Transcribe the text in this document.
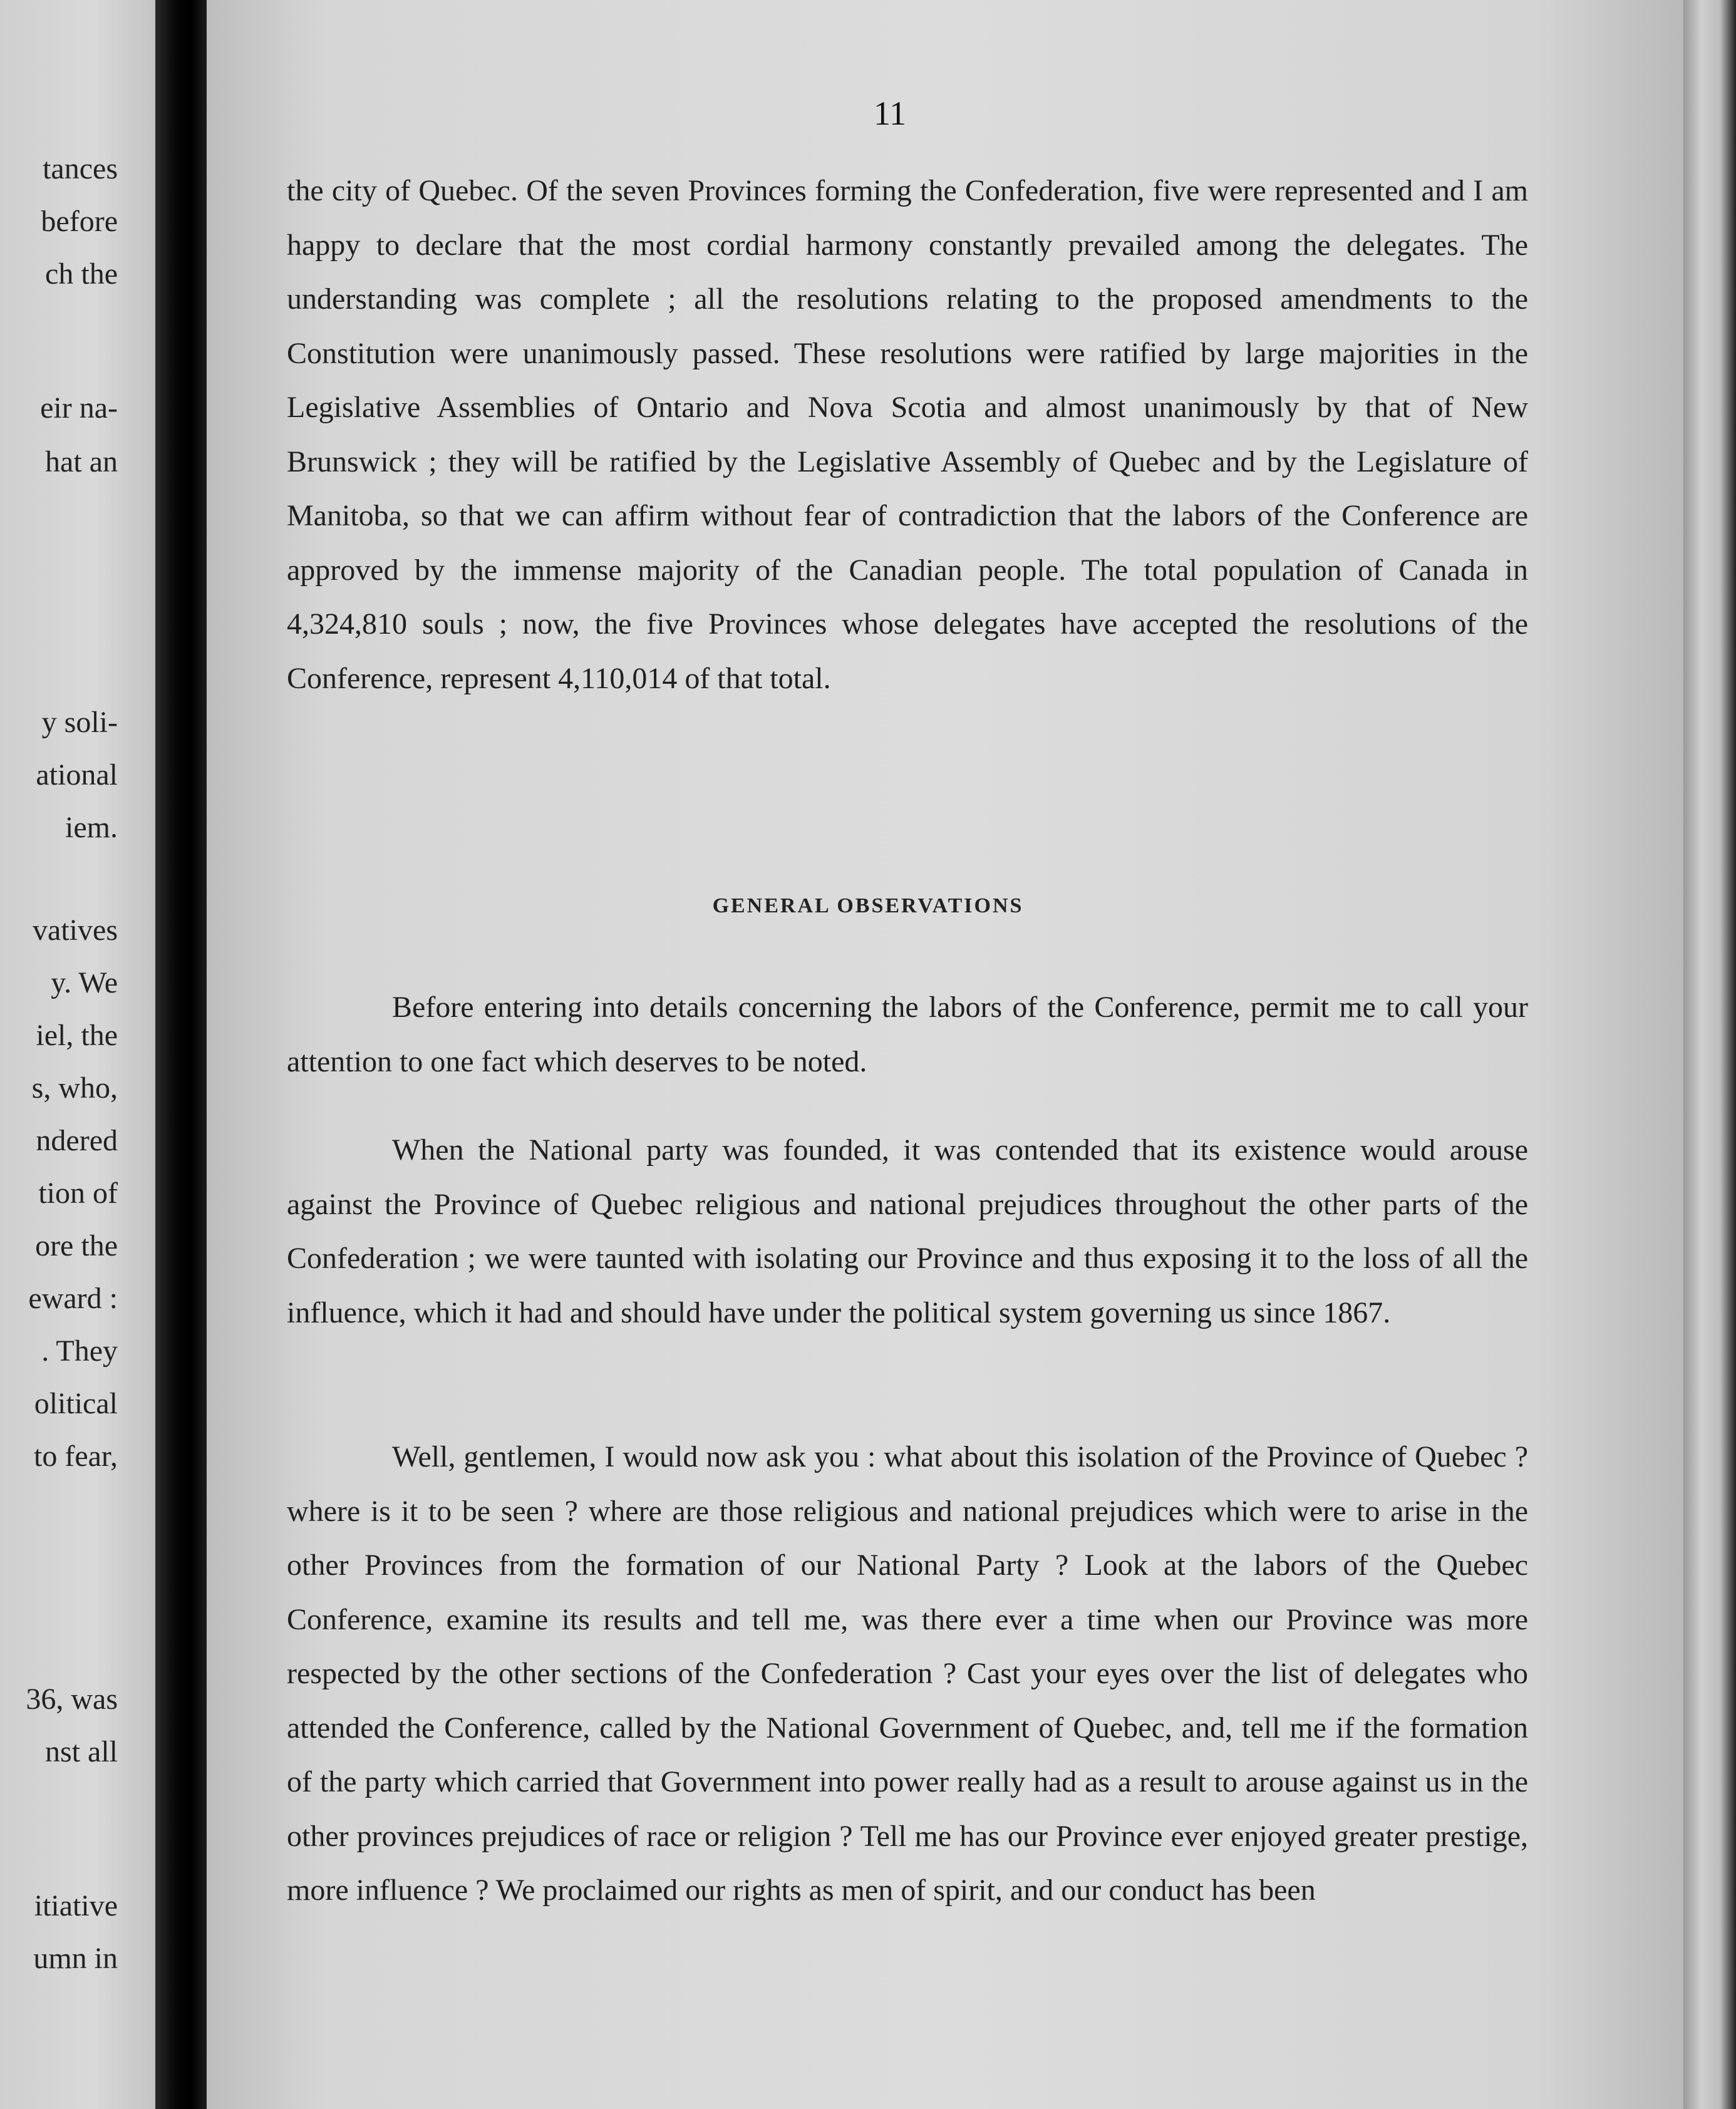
tances
before
ch the
eir na-
hat an
y soli-
ational
iem.
vatives
y. We
iel, the
s, who,
ndered
tion of
ore the
eward :
. They
olitical
to fear,
36, was
nst all
itiative
umn in
11

the city of Quebec. Of the seven Provinces forming the Confederation, five were represented and I am happy to declare that the most cordial harmony constantly prevailed among the delegates. The understanding was complete ; all the resolutions relating to the proposed amendments to the Constitution were unanimously passed. These resolutions were ratified by large majorities in the Legislative Assemblies of Ontario and Nova Scotia and almost unanimously by that of New Brunswick ; they will be ratified by the Legislative Assembly of Quebec and by the Legislature of Manitoba, so that we can affirm without fear of contradiction that the labors of the Conference are approved by the immense majority of the Canadian people. The total population of Canada in 4,324,810 souls ; now, the five Provinces whose delegates have accepted the resolutions of the Conference, represent 4,110,014 of that total.

GENERAL OBSERVATIONS

Before entering into details concerning the labors of the Conference, permit me to call your attention to one fact which deserves to be noted.

When the National party was founded, it was contended that its existence would arouse against the Province of Quebec religious and national prejudices throughout the other parts of the Confederation ; we were taunted with isolating our Province and thus exposing it to the loss of all the influence, which it had and should have under the political system governing us since 1867.

Well, gentlemen, I would now ask you : what about this isolation of the Province of Quebec ? where is it to be seen ? where are those religious and national prejudices which were to arise in the other Provinces from the formation of our National Party ? Look at the labors of the Quebec Conference, examine its results and tell me, was there ever a time when our Province was more respected by the other sections of the Confederation ? Cast your eyes over the list of delegates who attended the Conference, called by the National Government of Quebec, and, tell me if the formation of the party which carried that Government into power really had as a result to arouse against us in the other provinces prejudices of race or religion ? Tell me has our Province ever enjoyed greater prestige, more influence ? We proclaimed our rights as men of spirit, and our conduct has been
